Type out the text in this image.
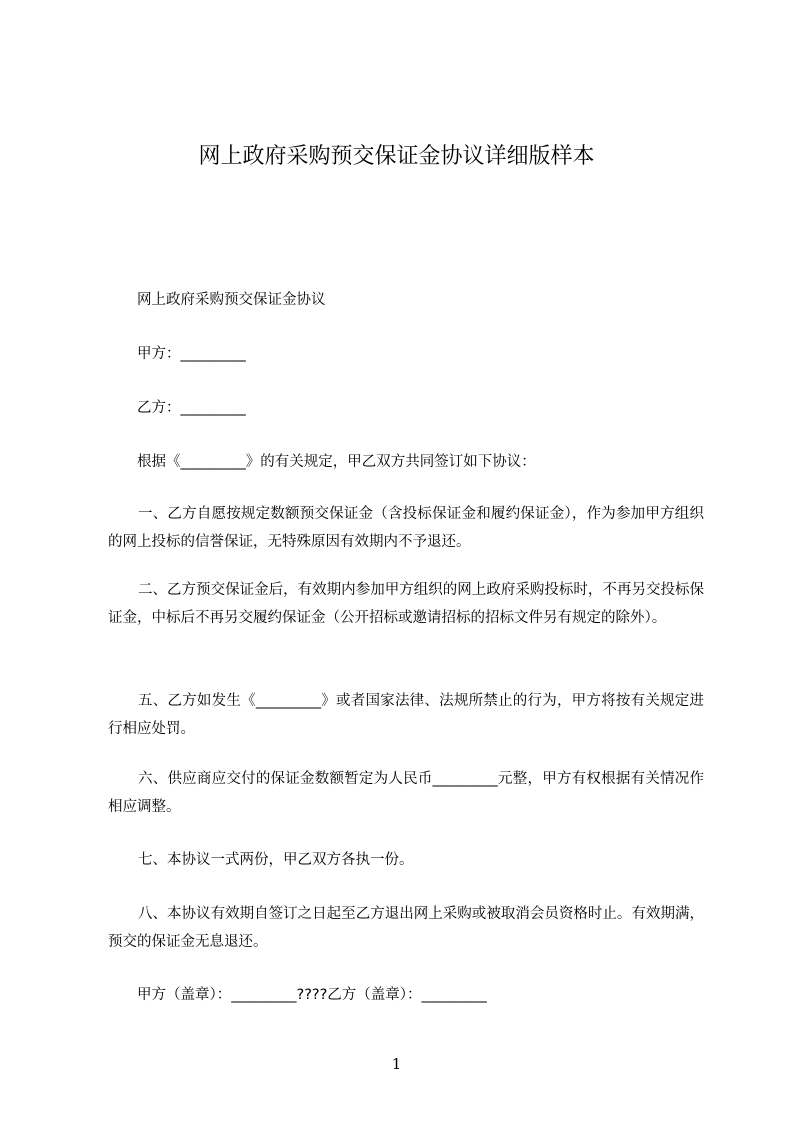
网上政府采购预交保证金协议详细版样本
网上政府采购预交保证金协议
甲方：_________
乙方：_________
根据《_________》的有关规定，甲乙双方共同签订如下协议：
一、乙方自愿按规定数额预交保证金（含投标保证金和履约保证金），作为参加甲方组织的网上投标的信誉保证，无特殊原因有效期内不予退还。
二、乙方预交保证金后，有效期内参加甲方组织的网上政府采购投标时，不再另交投标保证金，中标后不再另交履约保证金（公开招标或邀请招标的招标文件另有规定的除外）。
五、乙方如发生《_________》或者国家法律、法规所禁止的行为，甲方将按有关规定进行相应处罚。
六、供应商应交付的保证金数额暂定为人民币_________元整，甲方有权根据有关情况作相应调整。
七、本协议一式两份，甲乙双方各执一份。
八、本协议有效期自签订之日起至乙方退出网上采购或被取消会员资格时止。有效期满，预交的保证金无息退还。
甲方（盖章）：_________????乙方（盖章）：_________
1
